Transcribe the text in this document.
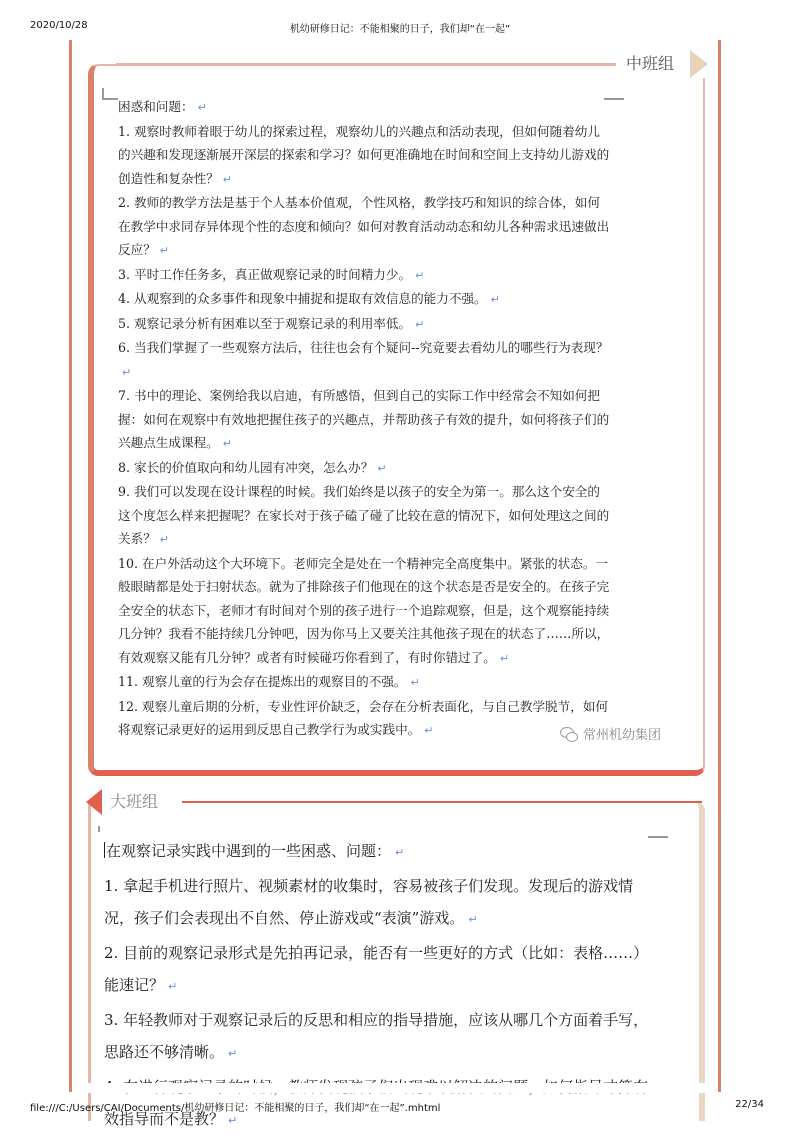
2020/10/28	机幼研修日记：不能相聚的日子，我们却“在一起”
中班组

困惑和问题： ↵

1. 观察时教师着眼于幼儿的探索过程，观察幼儿的兴趣点和活动表现，但如何随着幼儿的兴趣和发现逐渐展开深层的探索和学习？如何更准确地在时间和空间上支持幼儿游戏的创造性和复杂性？ ↵

2. 教师的教学方法是基于个人基本价值观，个性风格，教学技巧和知识的综合体，如何在教学中求同存异体现个性的态度和倾向？如何对教育活动动态和幼儿各种需求迅速做出反应？ ↵

3. 平时工作任务多，真正做观察记录的时间精力少。 ↵

4. 从观察到的众多事件和现象中捕捉和提取有效信息的能力不强。 ↵

5. 观察记录分析有困难以至于观察记录的利用率低。 ↵

6. 当我们掌握了一些观察方法后，往往也会有个疑问--究竟要去看幼儿的哪些行为表现？↵

7. 书中的理论、案例给我以启迪，有所感悟，但到自己的实际工作中经常会不知如何把握：如何在观察中有效地把握住孩子的兴趣点，并帮助孩子有效的提升，如何将孩子们的兴趣点生成课程。 ↵

8. 家长的价值取向和幼儿园有冲突，怎么办？ ↵

9. 我们可以发现在设计课程的时候。我们始终是以孩子的安全为第一。那么这个安全的这个度怎么样来把握呢？在家长对于孩子磕了碰了比较在意的情况下，如何处理这之间的关系？ ↵

10. 在户外活动这个大环境下。老师完全是处在一个精神完全高度集中。紧张的状态。一般眼睛都是处于扫射状态。就为了排除孩子们他现在的这个状态是否是安全的。在孩子完全安全的状态下，老师才有时间对个别的孩子进行一个追踪观察，但是，这个观察能持续几分钟？我看不能持续几分钟吧，因为你马上又要关注其他孩子现在的状态了……所以，有效观察又能有几分钟？或者有时候碰巧你看到了，有时你错过了。 ↵

11. 观察儿童的行为会存在提炼出的观察目的不强。 ↵

12. 观察儿童后期的分析，专业性评价缺乏，会存在分析表面化，与自己教学脱节，如何将观察记录更好的运用到反思自己教学行为或实践中。 ↵	常州机幼集团
大班组

在观察记录实践中遇到的一些困惑、问题： ↵

1. 拿起手机进行照片、视频素材的收集时，容易被孩子们发现。发现后的游戏情况，孩子们会表现出不自然、停止游戏或“表演”游戏。 ↵

2. 目前的观察记录形式是先拍再记录，能否有一些更好的方式（比如：表格……）能速记？ ↵

3. 年轻教师对于观察记录后的反思和相应的指导措施，应该从哪几个方面着手写，思路还不够清晰。 ↵

效指导而不是教？ ↵

file:///C:/Users/CAI/Documents/机幼研修日记：不能相聚的日子，我们却“在一起”.mhtml	22/34
